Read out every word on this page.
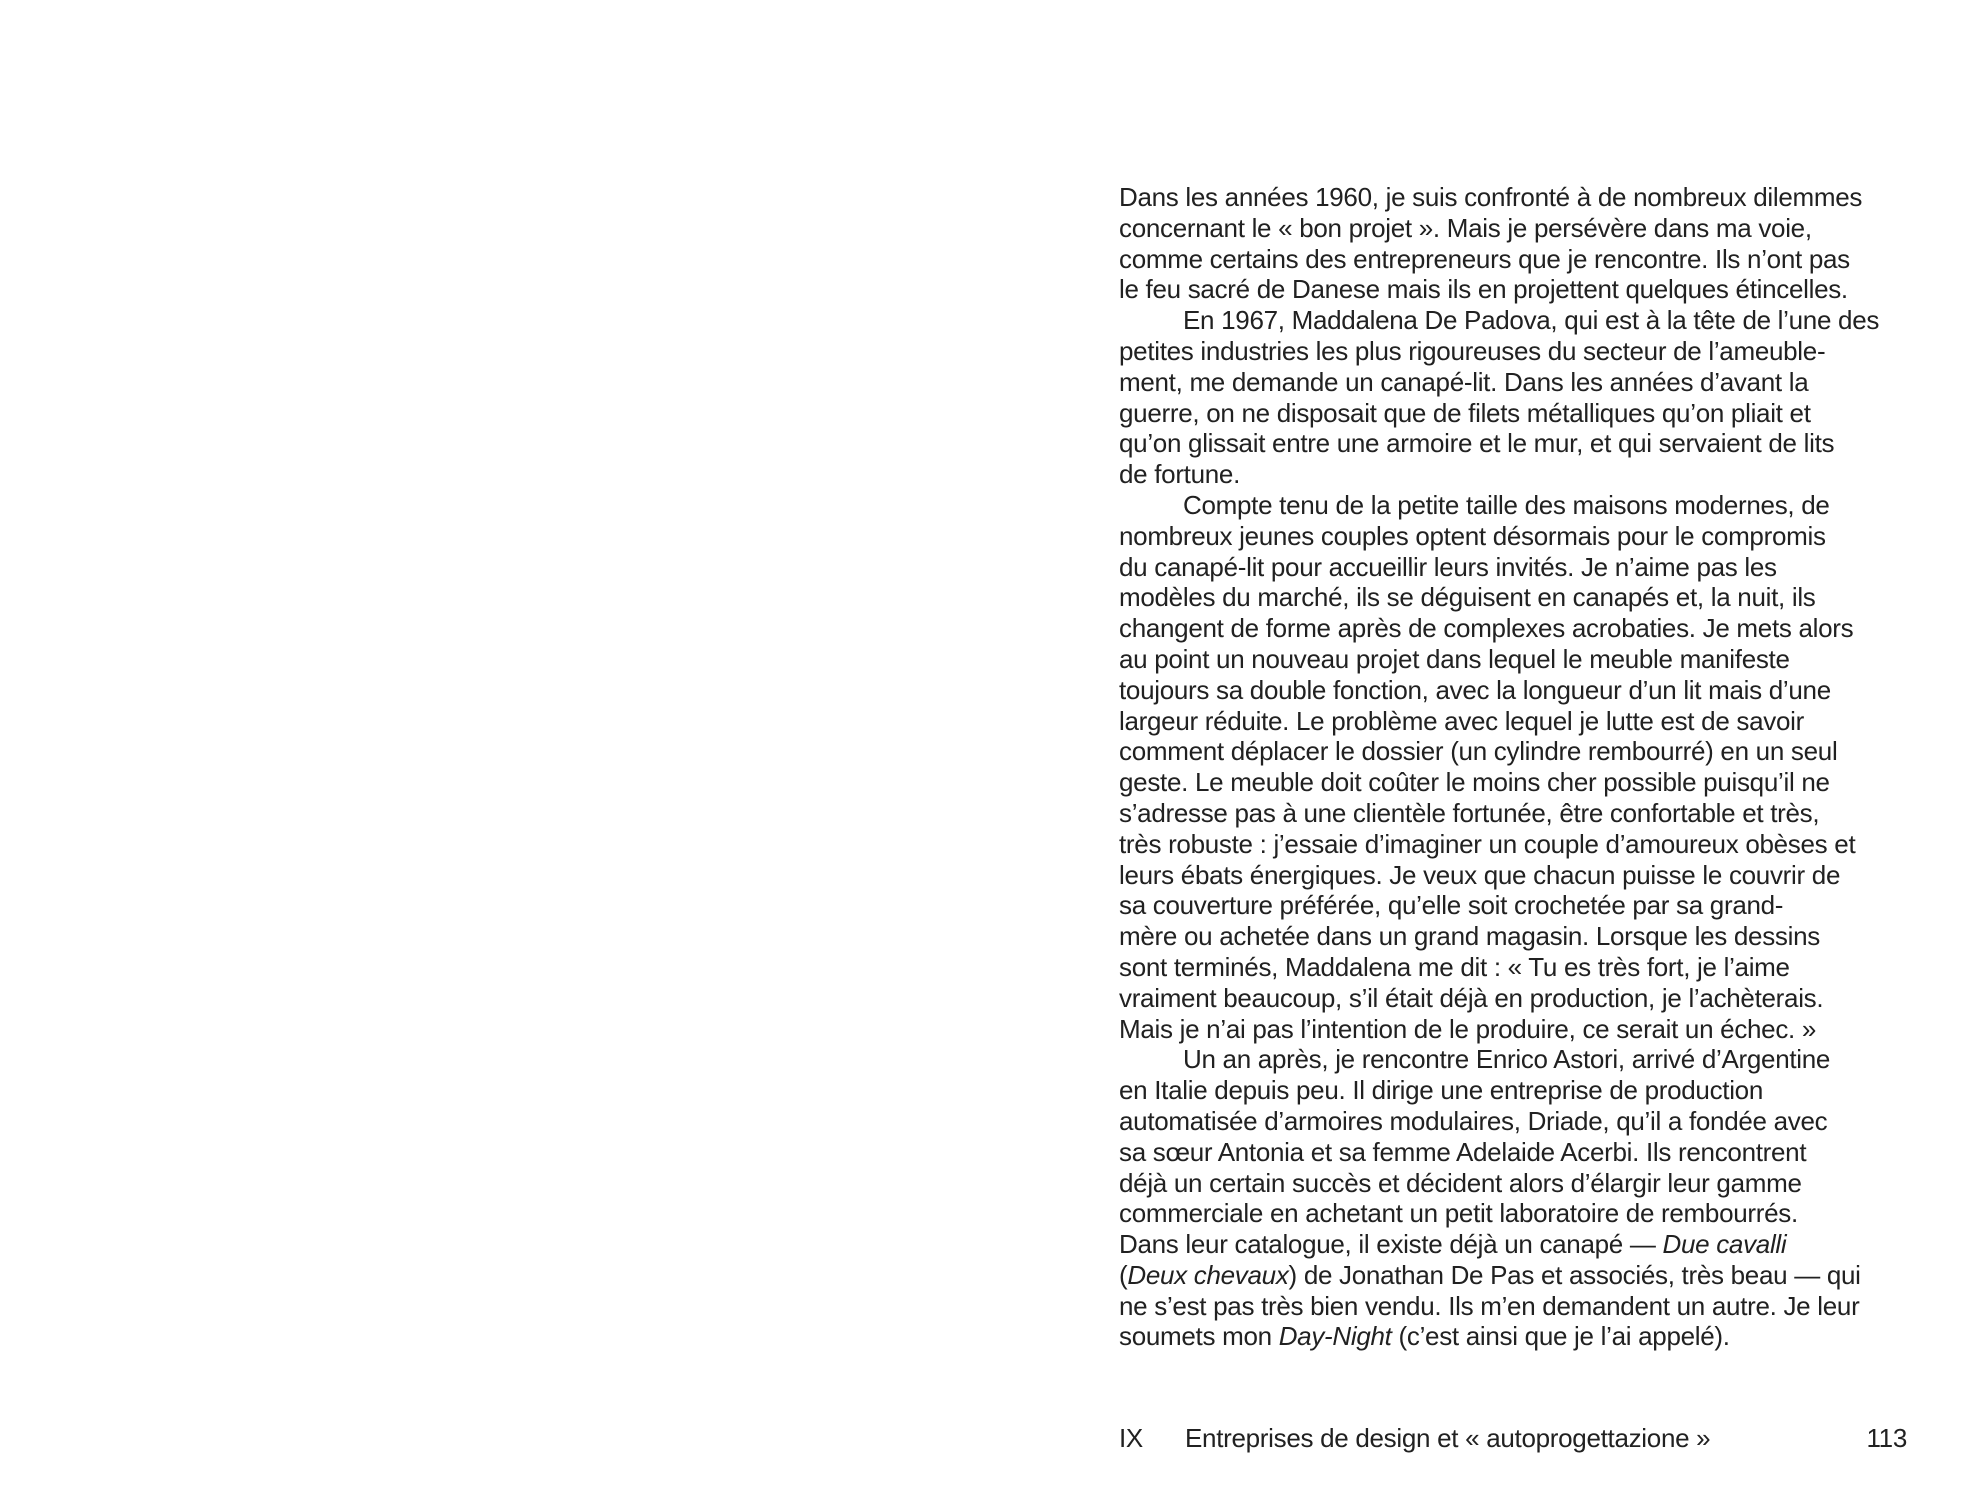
Dans les années 1960, je suis confronté à de nombreux dilemmes
concernant le « bon projet ». Mais je persévère dans ma voie,
comme certains des entrepreneurs que je rencontre. Ils n’ont pas
le feu sacré de Danese mais ils en projettent quelques étincelles.
En 1967, Maddalena De Padova, qui est à la tête de l’une des
petites industries les plus rigoureuses du secteur de l’ameuble-
ment, me demande un canapé-lit. Dans les années d’avant la
guerre, on ne disposait que de filets métalliques qu’on pliait et
qu’on glissait entre une armoire et le mur, et qui servaient de lits
de fortune.
Compte tenu de la petite taille des maisons modernes, de
nombreux jeunes couples optent désormais pour le compromis
du canapé-lit pour accueillir leurs invités. Je n’aime pas les
modèles du marché, ils se déguisent en canapés et, la nuit, ils
changent de forme après de complexes acrobaties. Je mets alors
au point un nouveau projet dans lequel le meuble manifeste
toujours sa double fonction, avec la longueur d’un lit mais d’une
largeur réduite. Le problème avec lequel je lutte est de savoir
comment déplacer le dossier (un cylindre rembourré) en un seul
geste. Le meuble doit coûter le moins cher possible puisqu’il ne
s’adresse pas à une clientèle fortunée, être confortable et très,
très robuste : j’essaie d’imaginer un couple d’amoureux obèses et
leurs ébats énergiques. Je veux que chacun puisse le couvrir de
sa couverture préférée, qu’elle soit crochetée par sa grand-
mère ou achetée dans un grand magasin. Lorsque les dessins
sont terminés, Maddalena me dit : « Tu es très fort, je l’aime
vraiment beaucoup, s’il était déjà en production, je l’achèterais.
Mais je n’ai pas l’intention de le produire, ce serait un échec. »
Un an après, je rencontre Enrico Astori, arrivé d’Argentine
en Italie depuis peu. Il dirige une entreprise de production
automatisée d’armoires modulaires, Driade, qu’il a fondée avec
sa sœur Antonia et sa femme Adelaide Acerbi. Ils rencontrent
déjà un certain succès et décident alors d’élargir leur gamme
commerciale en achetant un petit laboratoire de rembourrés.
Dans leur catalogue, il existe déjà un canapé — Due cavalli
(Deux chevaux) de Jonathan De Pas et associés, très beau — qui
ne s’est pas très bien vendu. Ils m’en demandent un autre. Je leur
soumets mon Day-Night (c’est ainsi que je l’ai appelé).
IX	Entreprises de design et « autoprogettazione »	113
